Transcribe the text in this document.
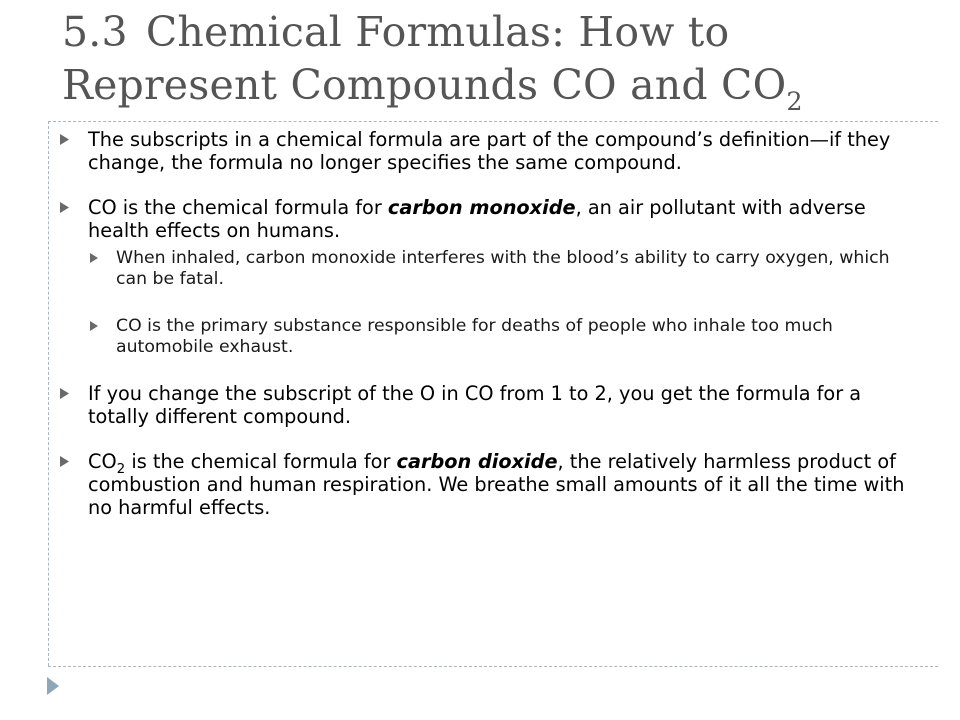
5.3 Chemical Formulas: How to
Represent Compounds CO and $CO_2$
The subscripts in a chemical formula are part of the compound’s definition—if they change, the formula no longer specifies the same compound.
CO is the chemical formula for carbon monoxide, an air pollutant with adverse health effects on humans.
When inhaled, carbon monoxide interferes with the blood’s ability to carry oxygen, which can be fatal.
CO is the primary substance responsible for deaths of people who inhale too much automobile exhaust.
If you change the subscript of the O in CO from 1 to 2, you get the formula for a totally different compound.
$CO_2$ is the chemical formula for carbon dioxide, the relatively harmless product of combustion and human respiration. We breathe small amounts of it all the time with no harmful effects.
